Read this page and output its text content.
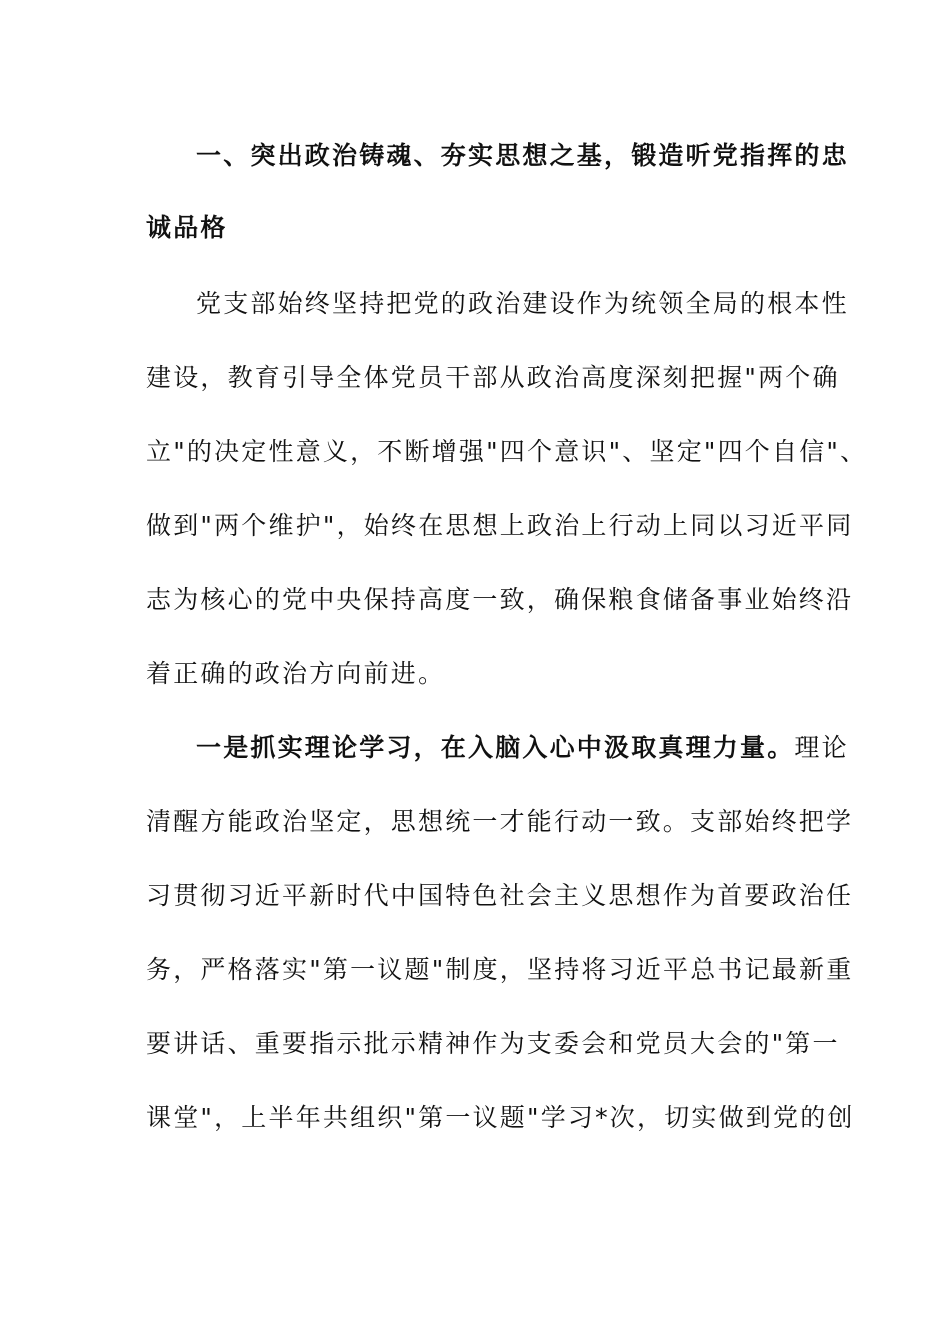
一、突出政治铸魂、夯实思想之基，锻造听党指挥的忠
诚品格
党支部始终坚持把党的政治建设作为统领全局的根本性
建设，教育引导全体党员干部从政治高度深刻把握"两个确
立"的决定性意义，不断增强"四个意识"、坚定"四个自信"、
做到"两个维护"，始终在思想上政治上行动上同以习近平同
志为核心的党中央保持高度一致，确保粮食储备事业始终沿
着正确的政治方向前进。
一是抓实理论学习，在入脑入心中汲取真理力量。理论
清醒方能政治坚定，思想统一才能行动一致。支部始终把学
习贯彻习近平新时代中国特色社会主义思想作为首要政治任
务，严格落实"第一议题"制度，坚持将习近平总书记最新重
要讲话、重要指示批示精神作为支委会和党员大会的"第一
课堂"，上半年共组织"第一议题"学习*次，切实做到党的创
